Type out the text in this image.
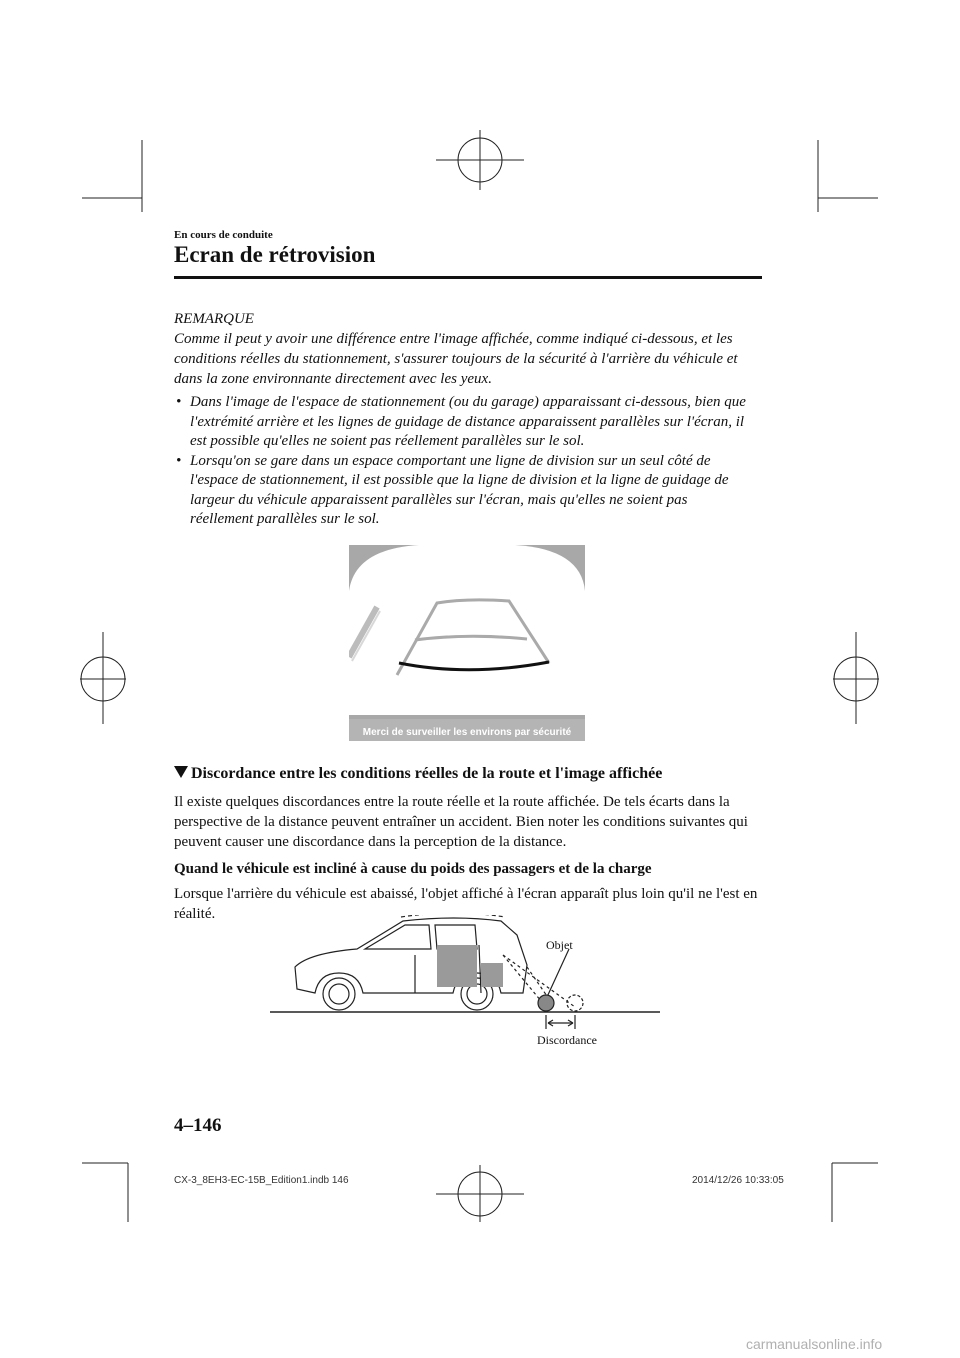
En cours de conduite
Ecran de rétrovision
REMARQUE
Comme il peut y avoir une différence entre l'image affichée, comme indiqué ci-dessous, et les conditions réelles du stationnement, s'assurer toujours de la sécurité à l'arrière du véhicule et dans la zone environnante directement avec les yeux.
• Dans l'image de l'espace de stationnement (ou du garage) apparaissant ci-dessous, bien que l'extrémité arrière et les lignes de guidage de distance apparaissent parallèles sur l'écran, il est possible qu'elles ne soient pas réellement parallèles sur le sol.
• Lorsqu'on se gare dans un espace comportant une ligne de division sur un seul côté de l'espace de stationnement, il est possible que la ligne de division et la ligne de guidage de largeur du véhicule apparaissent parallèles sur l'écran, mais qu'elles ne soient pas réellement parallèles sur le sol.
Merci de surveiller les environs par sécurité
Discordance entre les conditions réelles de la route et l'image affichée
Il existe quelques discordances entre la route réelle et la route affichée. De tels écarts dans la perspective de la distance peuvent entraîner un accident. Bien noter les conditions suivantes qui peuvent causer une discordance dans la perception de la distance.
Quand le véhicule est incliné à cause du poids des passagers et de la charge
Lorsque l'arrière du véhicule est abaissé, l'objet affiché à l'écran apparaît plus loin qu'il ne l'est en réalité.
Objet
Discordance
4–146
CX-3_8EH3-EC-15B_Edition1.indb 146	2014/12/26 10:33:05
carmanualsonline.info
